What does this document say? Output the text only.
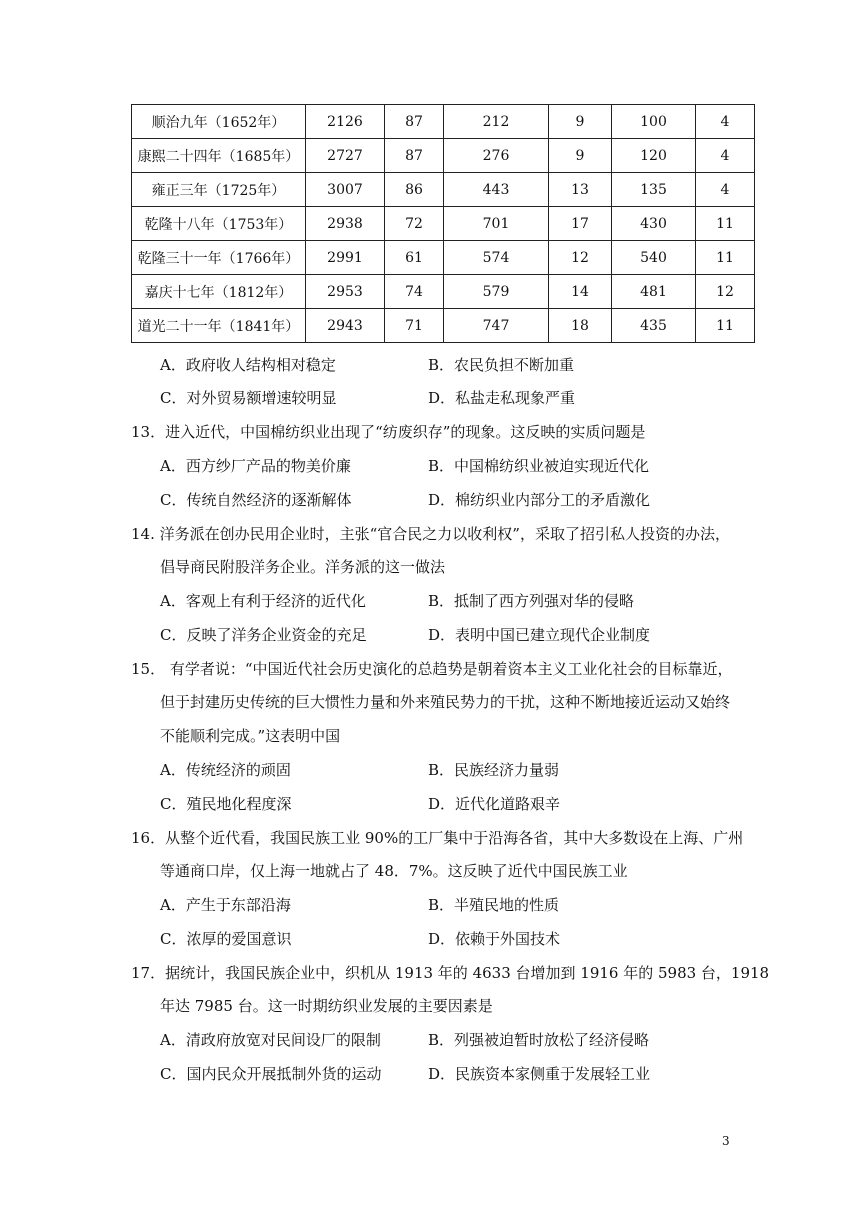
顺治九年（1652年）	2126	87	212	9	100	4
康熙二十四年（1685年）	2727	87	276	9	120	4
雍正三年（1725年）	3007	86	443	13	135	4
乾隆十八年（1753年）	2938	72	701	17	430	11
乾隆三十一年（1766年）	2991	61	574	12	540	11
嘉庆十七年（1812年）	2953	74	579	14	481	12
道光二十一年（1841年）	2943	71	747	18	435	11
A．政府收人结构相对稳定	B．农民负担不断加重
C．对外贸易额增速较明显	D．私盐走私现象严重
13．进入近代，中国棉纺织业出现了“纺废织存”的现象。这反映的实质问题是
A．西方纱厂产品的物美价廉	B．中国棉纺织业被迫实现近代化
C．传统自然经济的逐渐解体	D．棉纺织业内部分工的矛盾激化
14. 洋务派在创办民用企业时，主张“官合民之力以收利权”，采取了招引私人投资的办法，
倡导商民附股洋务企业。洋务派的这一做法
A．客观上有利于经济的近代化	B．抵制了西方列强对华的侵略
C．反映了洋务企业资金的充足	D．表明中国已建立现代企业制度
15． 有学者说：“中国近代社会历史演化的总趋势是朝着资本主义工业化社会的目标靠近，
但于封建历史传统的巨大惯性力量和外来殖民势力的干扰，这种不断地接近运动又始终
不能顺利完成。”这表明中国
A．传统经济的顽固	B．民族经济力量弱
C．殖民地化程度深	D．近代化道路艰辛
16．从整个近代看，我国民族工业 90%的工厂集中于沿海各省，其中大多数设在上海、广州
等通商口岸，仅上海一地就占了 48．7%。这反映了近代中国民族工业
A．产生于东部沿海	B．半殖民地的性质
C．浓厚的爱国意识	D．依赖于外国技术
17．据统计，我国民族企业中，织机从 1913 年的 4633 台增加到 1916 年的 5983 台，1918
年达 7985 台。这一时期纺织业发展的主要因素是
A．清政府放宽对民间设厂的限制	B．列强被迫暂时放松了经济侵略
C．国内民众开展抵制外货的运动	D．民族资本家侧重于发展轻工业
3
